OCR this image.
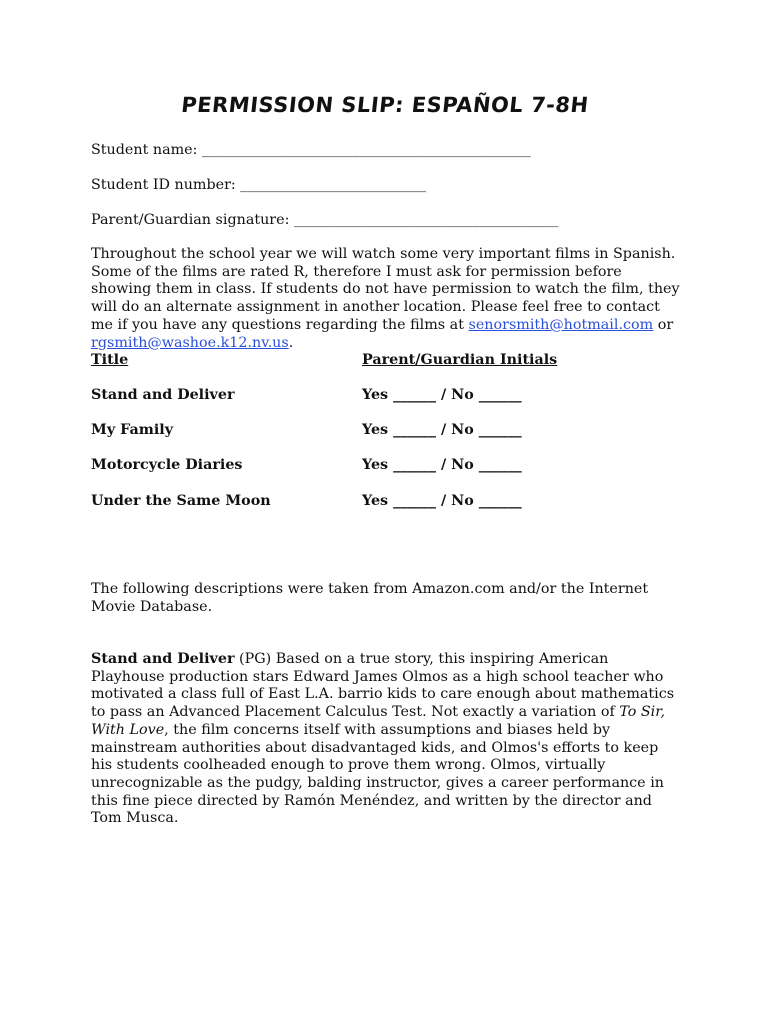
PERMISSION SLIP: ESPAÑOL 7-8H
Student name: ______________________________________________
Student ID number: __________________________
Parent/Guardian signature: _____________________________________
Throughout the school year we will watch some very important films in Spanish. Some of the films are rated R, therefore I must ask for permission before showing them in class. If students do not have permission to watch the film, they will do an alternate assignment in another location. Please feel free to contact me if you have any questions regarding the films at senorsmith@hotmail.com or rgsmith@washoe.k12.nv.us.
Title	Parent/Guardian Initials
Stand and Deliver	Yes ______ / No ______
My Family	Yes ______ / No ______
Motorcycle Diaries	Yes ______ / No ______
Under the Same Moon	Yes ______ / No ______
The following descriptions were taken from Amazon.com and/or the Internet Movie Database.
Stand and Deliver (PG) Based on a true story, this inspiring American Playhouse production stars Edward James Olmos as a high school teacher who motivated a class full of East L.A. barrio kids to care enough about mathematics to pass an Advanced Placement Calculus Test. Not exactly a variation of To Sir, With Love, the film concerns itself with assumptions and biases held by mainstream authorities about disadvantaged kids, and Olmos's efforts to keep his students coolheaded enough to prove them wrong. Olmos, virtually unrecognizable as the pudgy, balding instructor, gives a career performance in this fine piece directed by Ramón Menéndez, and written by the director and Tom Musca.
